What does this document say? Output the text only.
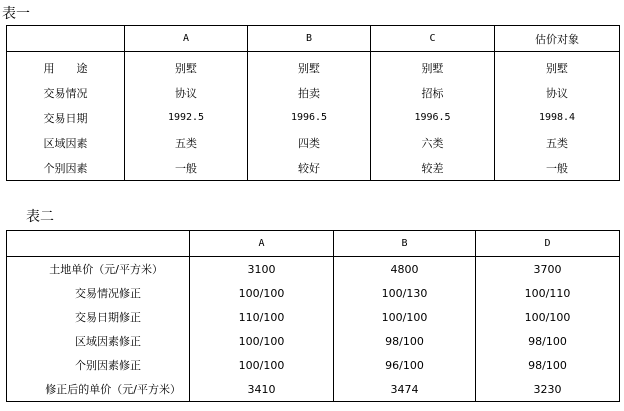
表一
	A	B	C	估价对象
用　　途	别墅	别墅	别墅	别墅
交易情况	协议	拍卖	招标	协议
交易日期	1992.5	1996.5	1996.5	1998.4
区域因素	五类	四类	六类	五类
个别因素	一般	较好	较差	一般
表二
	A	B	D
土地单价（元/平方米）	3100	4800	3700
交易情况修正	100/100	100/130	100/110
交易日期修正	110/100	100/100	100/100
区域因素修正	100/100	98/100	98/100
个别因素修正	100/100	96/100	98/100
修正后的单价（元/平方米）	3410	3474	3230
